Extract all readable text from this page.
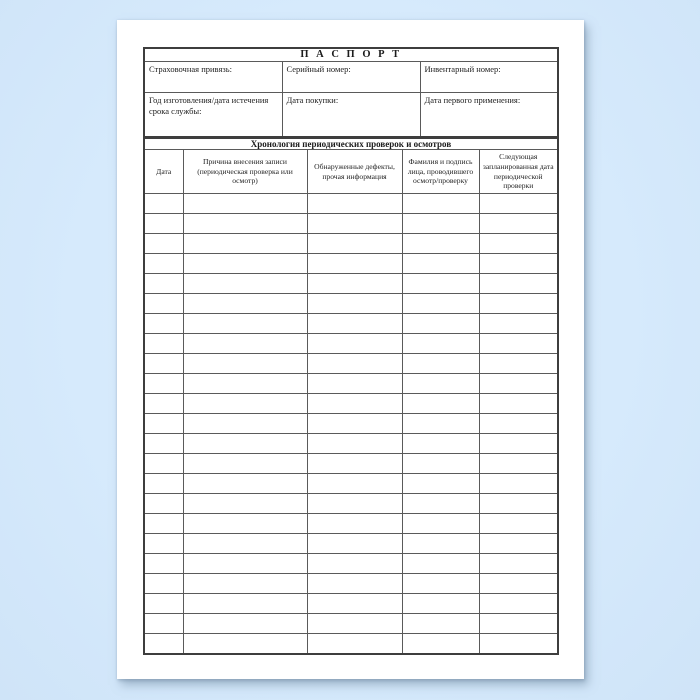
П А С П О Р Т		
Страховочная привязь:	Серийный номер:	Инвентарный номер:
Год изготовления/дата истечения срока службы:	Дата покупки:	Дата первого применения:
Хронология периодических проверок и осмотров				
Дата	Причина внесения записи (периодическая проверка или осмотр)	Обнаруженные дефекты, прочая информация	Фамилия и подпись лица, проводившего осмотр/проверку	Следующая запланированная дата периодической проверки
